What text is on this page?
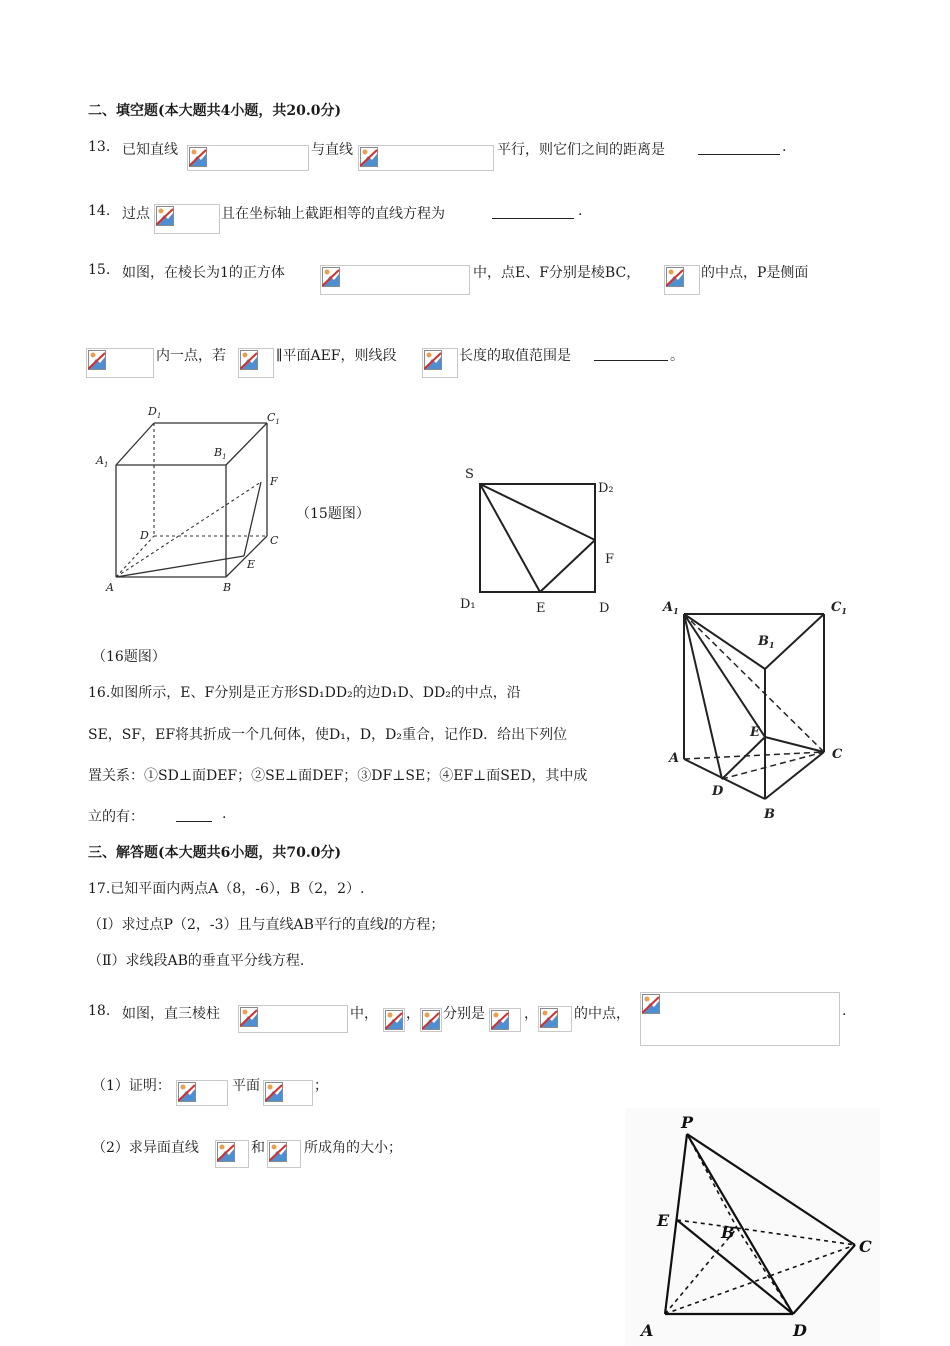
二、填空题(本大题共4小题，共20.0分)
13. 已知直线	与直线	平行，则它们之间的距离是	.
14. 过点	且在坐标轴上截距相等的直线方程为	.
15. 如图，在棱长为1的正方体	中，点E、F分别是棱BC，	的中点，P是侧面
内一点，若	∥平面AEF，则线段	长度的取值范围是	。
$D_1$	$C_1$
$A_1$
$B_1$
F
D	C
E
A	B
（15题图）
S
D₂
F
D₁	E	D	$A_1$	$C_1$
$B_1$
E
A	C
D
B
（16题图）
16.如图所示，E、F分别是正方形SD₁DD₂的边D₁D、DD₂的中点，沿
SE，SF，EF将其折成一个几何体，使D₁，D，D₂重合，记作D．给出下列位
置关系：①SD⊥面DEF；②SE⊥面DEF；③DF⊥SE；④EF⊥面SED，其中成
立的有：	.
三、解答题(本大题共6小题，共70.0分)
17.已知平面内两点A（8，-6），B（2，2）.
（Ⅰ）求过点P（2，-3）且与直线AB平行的直线l的方程；
（Ⅱ）求线段AB的垂直平分线方程.
18. 如图，直三棱柱	中， ， 分别是	，	的中点，	.
（1）证明：	平面	；
（2）求异面直线	和	所成角的大小；
P
E
B
C
A	D
